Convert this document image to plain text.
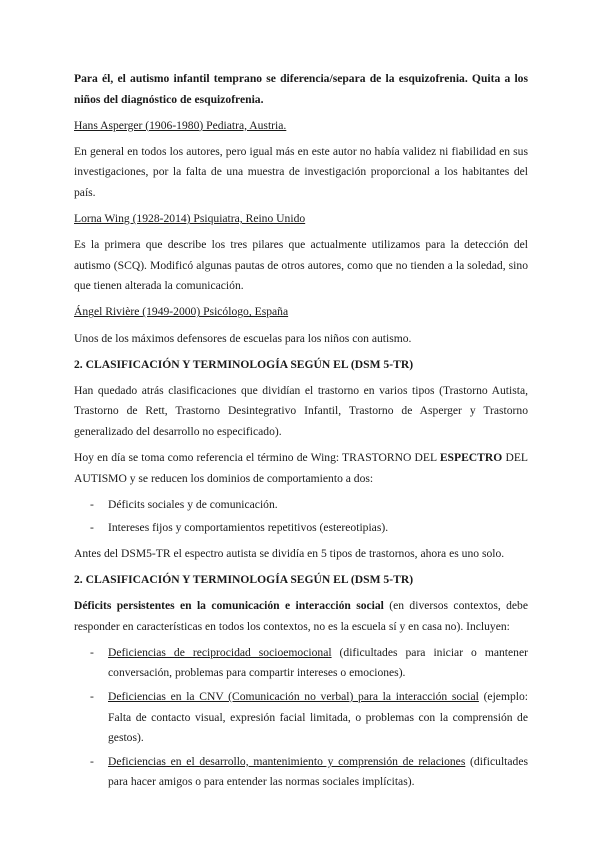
Para él, el autismo infantil temprano se diferencia/separa de la esquizofrenia. Quita a los niños del diagnóstico de esquizofrenia.

Hans Asperger (1906-1980) Pediatra, Austria.

En general en todos los autores, pero igual más en este autor no había validez ni fiabilidad en sus investigaciones, por la falta de una muestra de investigación proporcional a los habitantes del país.

Lorna Wing (1928-2014) Psiquiatra, Reino Unido

Es la primera que describe los tres pilares que actualmente utilizamos para la detección del autismo (SCQ). Modificó algunas pautas de otros autores, como que no tienden a la soledad, sino que tienen alterada la comunicación.

Ángel Rivière (1949-2000) Psicólogo, España

Unos de los máximos defensores de escuelas para los niños con autismo.

2. CLASIFICACIÓN Y TERMINOLOGÍA SEGÚN EL (DSM 5-TR)

Han quedado atrás clasificaciones que dividían el trastorno en varios tipos (Trastorno Autista, Trastorno de Rett, Trastorno Desintegrativo Infantil, Trastorno de Asperger y Trastorno generalizado del desarrollo no especificado).

Hoy en día se toma como referencia el término de Wing: TRASTORNO DEL ESPECTRO DEL AUTISMO y se reducen los dominios de comportamiento a dos:

- Déficits sociales y de comunicación.
- Intereses fijos y comportamientos repetitivos (estereotipias).

Antes del DSM5-TR el espectro autista se dividía en 5 tipos de trastornos, ahora es uno solo.

2. CLASIFICACIÓN Y TERMINOLOGÍA SEGÚN EL (DSM 5-TR)

Déficits persistentes en la comunicación e interacción social (en diversos contextos, debe responder en características en todos los contextos, no es la escuela sí y en casa no). Incluyen:

- Deficiencias de reciprocidad socioemocional (dificultades para iniciar o mantener conversación, problemas para compartir intereses o emociones).
- Deficiencias en la CNV (Comunicación no verbal) para la interacción social (ejemplo: Falta de contacto visual, expresión facial limitada, o problemas con la comprensión de gestos).
- Deficiencias en el desarrollo, mantenimiento y comprensión de relaciones (dificultades para hacer amigos o para entender las normas sociales implícitas).
